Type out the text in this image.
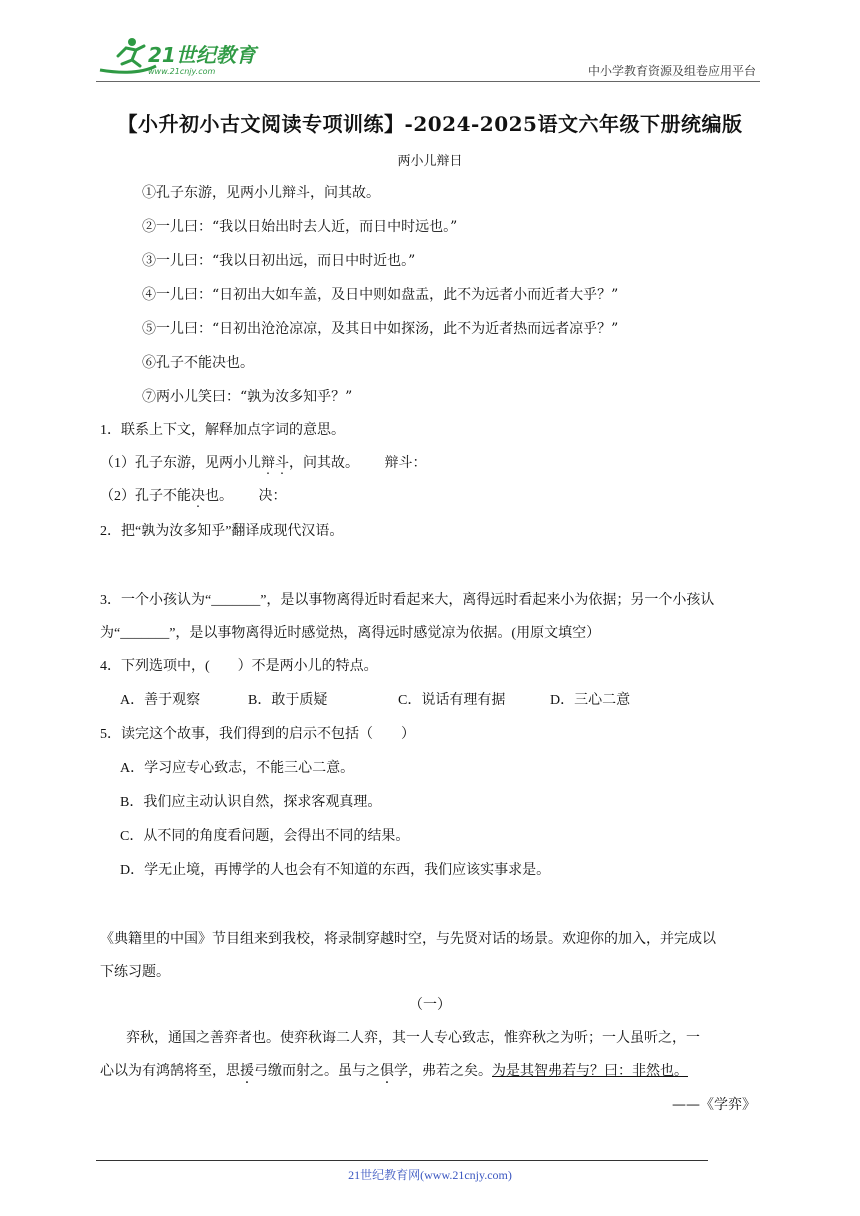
21世纪教育
www.21cnjy.com	中小学教育资源及组卷应用平台
【小升初小古文阅读专项训练】-2024-2025语文六年级下册统编版
两小儿辩日
①孔子东游，见两小儿辩斗，问其故。
②一儿曰：“我以日始出时去人近，而日中时远也。”
③一儿曰：“我以日初出远，而日中时近也。”
④一儿曰：“日初出大如车盖，及日中则如盘盂，此不为远者小而近者大乎？”
⑤一儿曰：“日初出沧沧凉凉，及其日中如探汤，此不为近者热而远者凉乎？”
⑥孔子不能决也。
⑦两小儿笑曰：“孰为汝多知乎？”
1．联系上下文，解释加点字词的意思。
（1）孔子东游，见两小儿辩斗，问其故。 辩斗：
（2）孔子不能决也。 决：
2．把“孰为汝多知乎”翻译成现代汉语。
3．一个小孩认为“_______”，是以事物离得近时看起来大，离得远时看起来小为依据；另一个小孩认
为“_______”，是以事物离得近时感觉热，离得远时感觉凉为依据。(用原文填空）
4．下列选项中，(　　）不是两小儿的特点。
A．善于观察	B．敢于质疑	C．说话有理有据	D．三心二意
5．读完这个故事，我们得到的启示不包括（　　）
A．学习应专心致志，不能三心二意。
B．我们应主动认识自然，探求客观真理。
C．从不同的角度看问题，会得出不同的结果。
D．学无止境，再博学的人也会有不知道的东西，我们应该实事求是。
《典籍里的中国》节目组来到我校，将录制穿越时空，与先贤对话的场景。欢迎你的加入，并完成以
下练习题。
（一）
弈秋，通国之善弈者也。使弈秋诲二人弈，其一人专心致志，惟弈秋之为听；一人虽听之，一
心以为有鸿鹄将至，思援弓缴而射之。虽与之俱学，弗若之矣。为是其智弗若与？曰：非然也。
——《学弈》
21世纪教育网(www.21cnjy.com)
